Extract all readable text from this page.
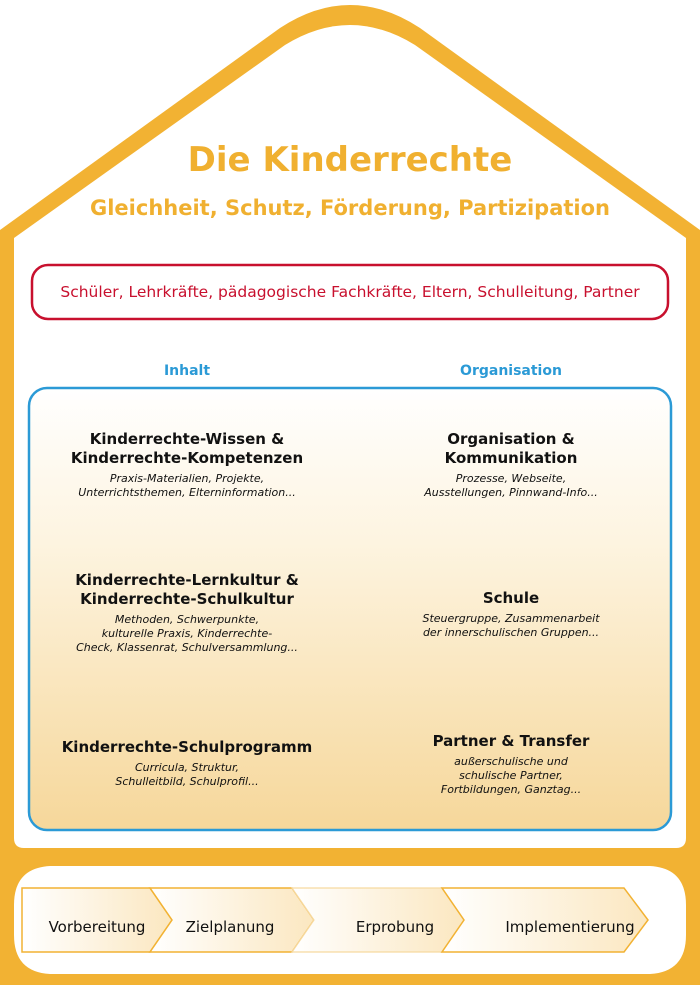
Die Kinderrechte
Gleichheit, Schutz, Förderung, Partizipation
Schüler, Lehrkräfte, pädagogische Fachkräfte, Eltern, Schulleitung, Partner
Inhalt	Organisation
Kinderrechte-Wissen &
Kinderrechte-Kompetenzen
Praxis-Materialien, Projekte,
Unterrichtsthemen, Elterninformation...
Kinderrechte-Lernkultur &
Kinderrechte-Schulkultur
Methoden, Schwerpunkte,
kulturelle Praxis, Kinderrechte-
Check, Klassenrat, Schulversammlung...
Kinderrechte-Schulprogramm
Curricula, Struktur,
Schulleitbild, Schulprofil...
Organisation &
Kommunikation
Prozesse, Webseite,
Ausstellungen, Pinnwand-Info...
Schule
Steuergruppe, Zusammenarbeit
der innerschulischen Gruppen...
Partner & Transfer
außerschulische und
schulische Partner,
Fortbildungen, Ganztag...
Vorbereitung	Zielplanung	Erprobung	Implementierung
